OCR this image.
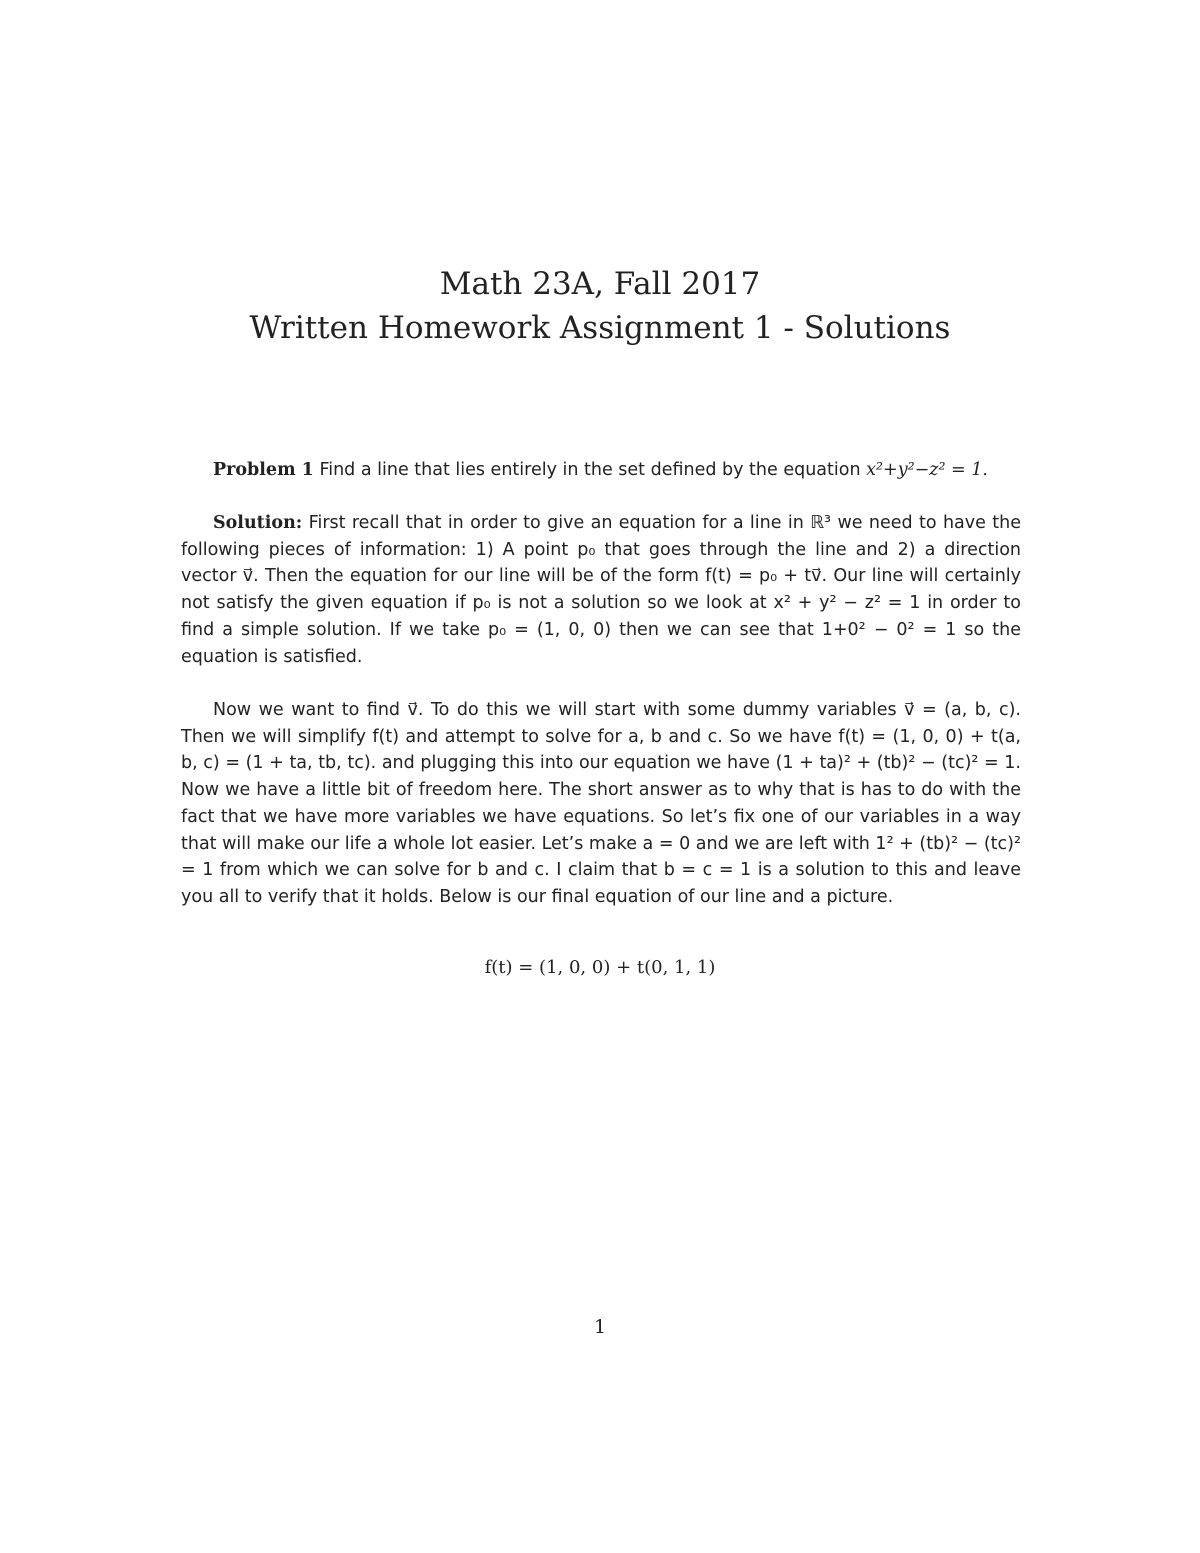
Math 23A, Fall 2017
Written Homework Assignment 1 - Solutions
Problem 1 Find a line that lies entirely in the set defined by the equation x²+y²−z² = 1.
Solution: First recall that in order to give an equation for a line in ℝ³ we need to have the following pieces of information: 1) A point p₀ that goes through the line and 2) a direction vector v⃗. Then the equation for our line will be of the form f(t) = p₀ + tv⃗. Our line will certainly not satisfy the given equation if p₀ is not a solution so we look at x² + y² − z² = 1 in order to find a simple solution. If we take p₀ = (1, 0, 0) then we can see that 1+0² − 0² = 1 so the equation is satisfied.
Now we want to find v⃗. To do this we will start with some dummy variables v⃗ = (a, b, c). Then we will simplify f(t) and attempt to solve for a, b and c. So we have f(t) = (1, 0, 0) + t(a, b, c) = (1 + ta, tb, tc). and plugging this into our equation we have (1 + ta)² + (tb)² − (tc)² = 1. Now we have a little bit of freedom here. The short answer as to why that is has to do with the fact that we have more variables we have equations. So let’s fix one of our variables in a way that will make our life a whole lot easier. Let’s make a = 0 and we are left with 1² + (tb)² − (tc)² = 1 from which we can solve for b and c. I claim that b = c = 1 is a solution to this and leave you all to verify that it holds. Below is our final equation of our line and a picture.
f(t) = (1, 0, 0) + t(0, 1, 1)
1
